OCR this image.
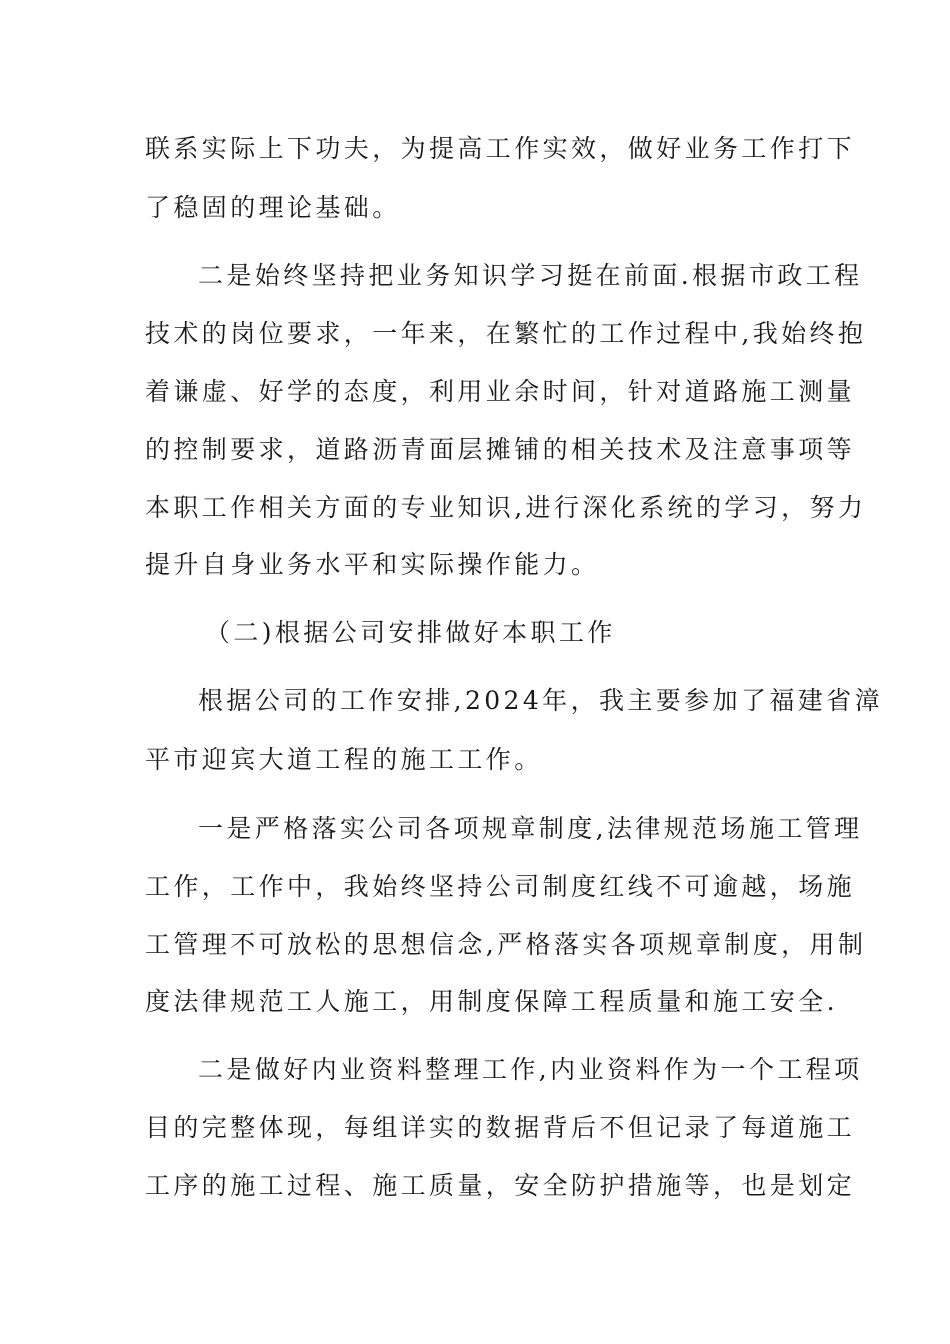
联系实际上下功夫，为提高工作实效，做好业务工作打下

了稳固的理论基础。

二是始终坚持把业务知识学习挺在前面.根据市政工程

技术的岗位要求，一年来，在繁忙的工作过程中,我始终抱

着谦虚、好学的态度，利用业余时间，针对道路施工测量

的控制要求，道路沥青面层摊铺的相关技术及注意事项等

本职工作相关方面的专业知识,进行深化系统的学习，努力

提升自身业务水平和实际操作能力。

（二)根据公司安排做好本职工作

根据公司的工作安排,2024年，我主要参加了福建省漳

平市迎宾大道工程的施工工作。

一是严格落实公司各项规章制度,法律规范场施工管理

工作，工作中，我始终坚持公司制度红线不可逾越，场施

工管理不可放松的思想信念,严格落实各项规章制度，用制

度法律规范工人施工，用制度保障工程质量和施工安全.

二是做好内业资料整理工作,内业资料作为一个工程项

目的完整体现，每组详实的数据背后不但记录了每道施工

工序的施工过程、施工质量，安全防护措施等，也是划定
